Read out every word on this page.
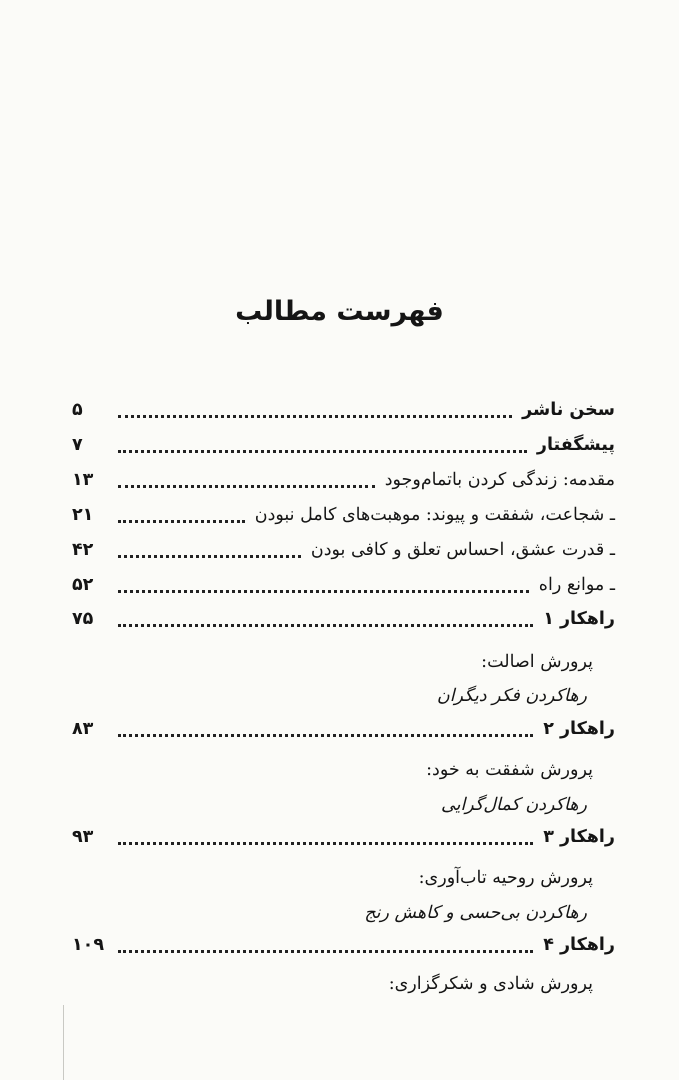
فهرست مطالب
سخن ناشر
۵
پیشگفتار
۷
مقدمه: زندگی کردن باتمام‌وجود
۱۳
ـ شجاعت، شفقت و پیوند: موهبت‌های کامل نبودن
۲۱
ـ قدرت عشق، احساس تعلق و کافی بودن
۴۲
ـ موانع راه
۵۲
راهکار ۱
۷۵
پرورش اصالت:
رهاکردن فکر دیگران
راهکار ۲
۸۳
پرورش شفقت به خود:
رهاکردن کمال‌گرایی
راهکار ۳
۹۳
پرورش روحیه تاب‌آوری:
رهاکردن بی‌حسی و کاهش رنج
راهکار ۴
۱۰۹
پرورش شادی و شکرگزاری:
